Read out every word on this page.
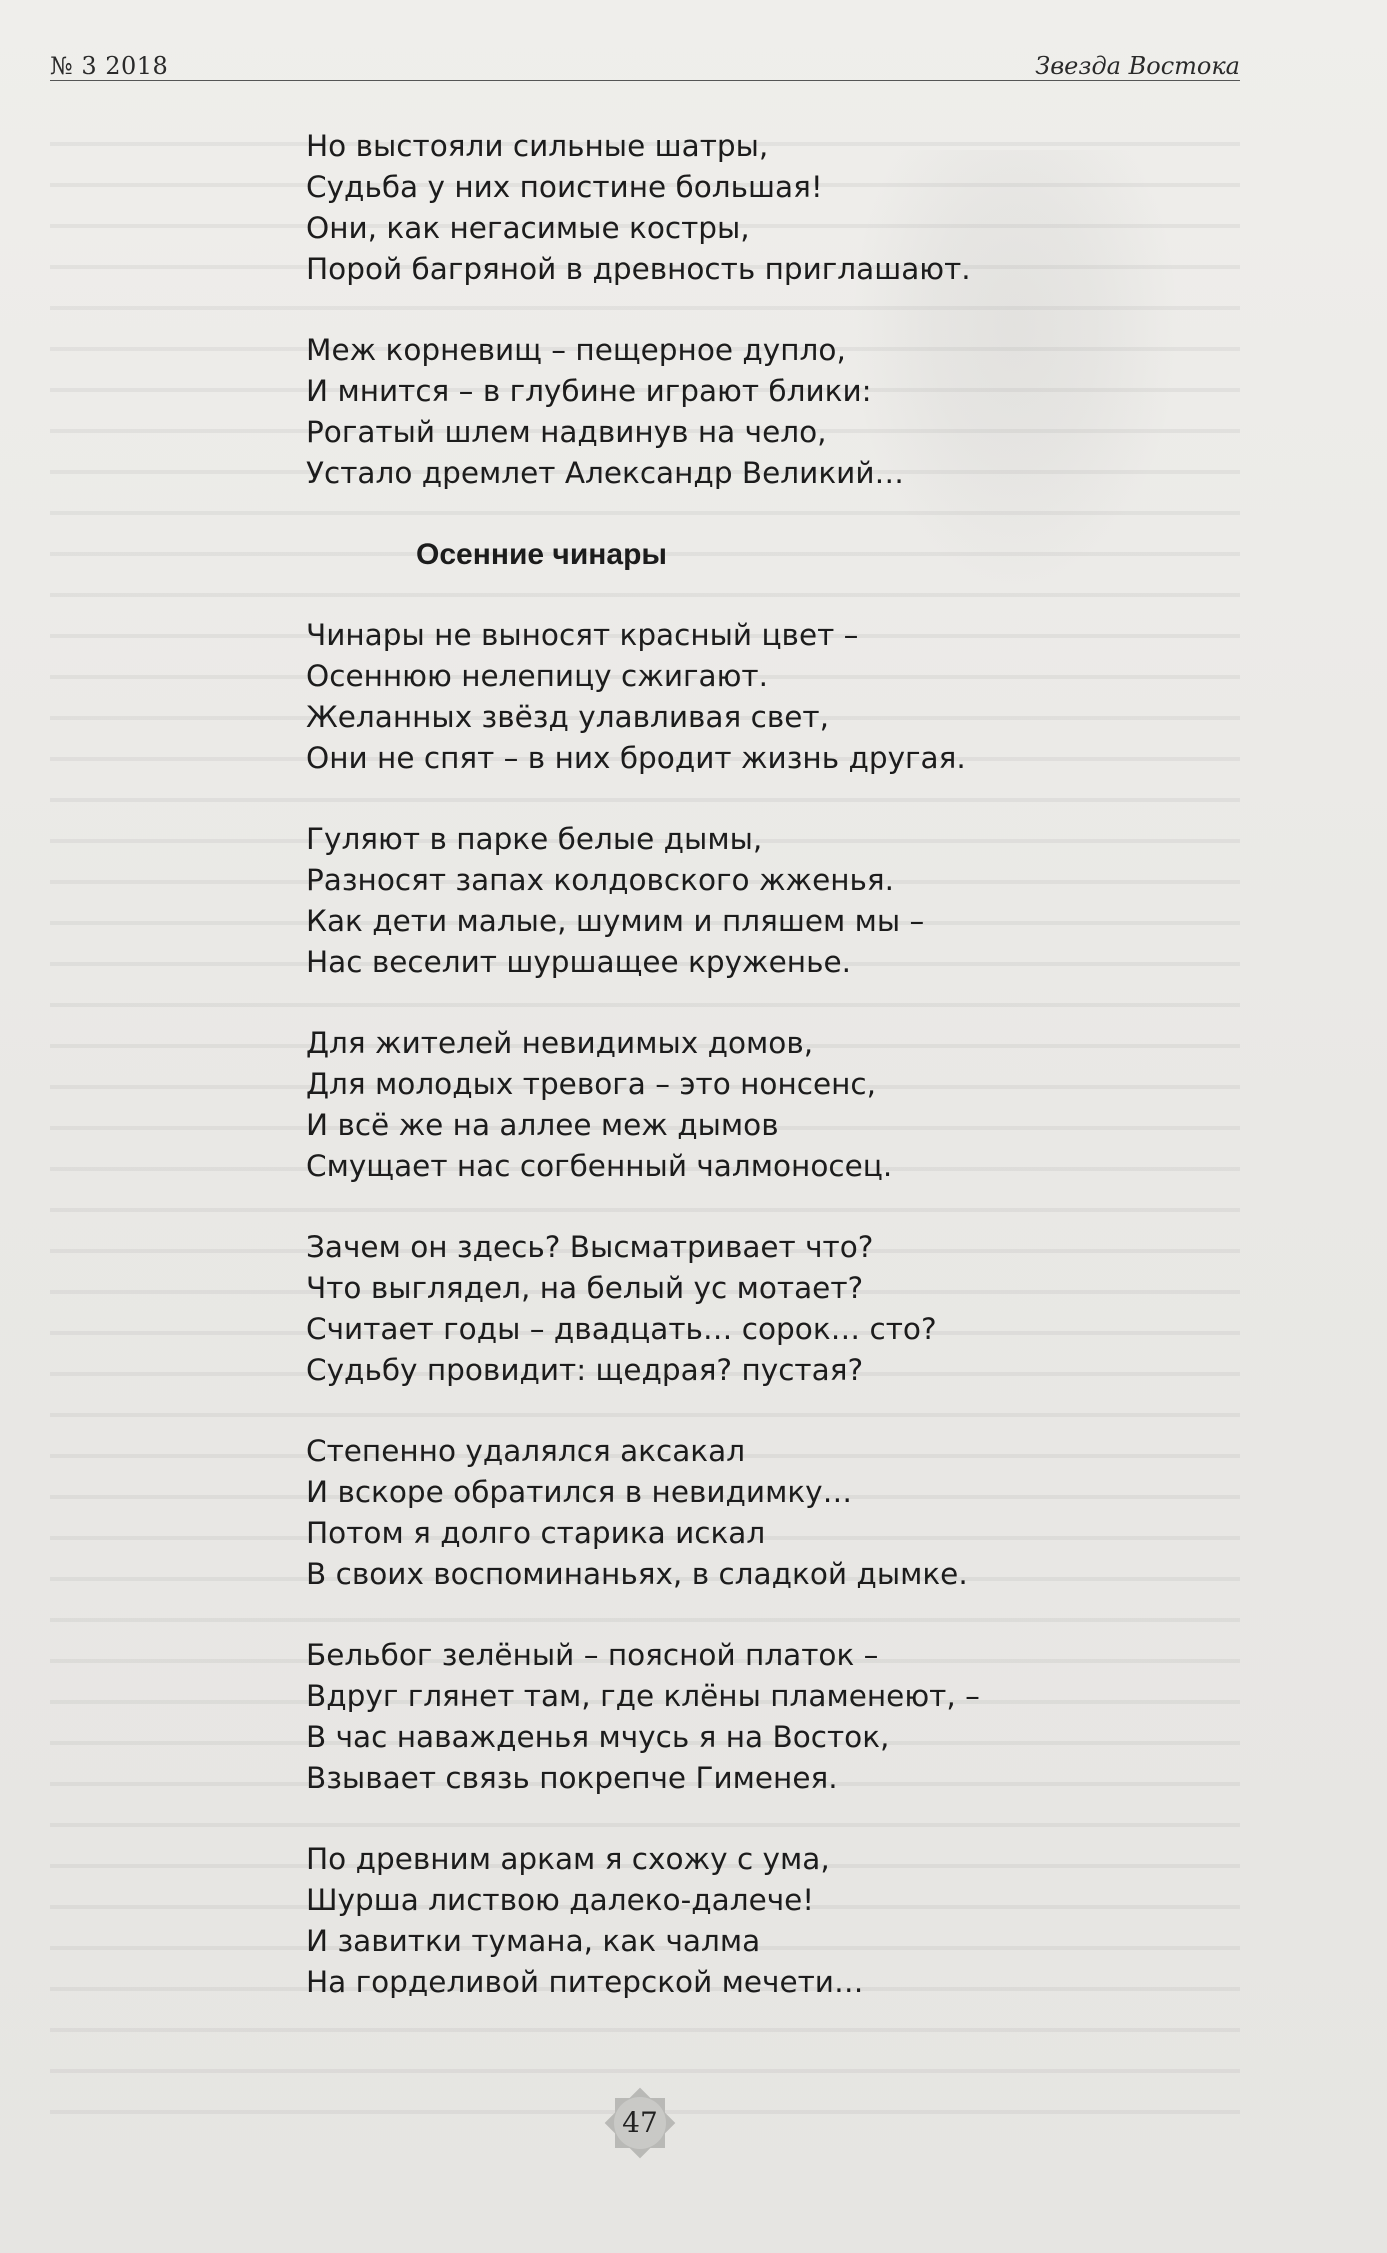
№ 3 2018	Звезда Востока
Но выстояли сильные шатры,
Судьба у них поистине большая!
Они, как негасимые костры,
Порой багряной в древность приглашают.
Меж корневищ – пещерное дупло,
И мнится – в глубине играют блики:
Рогатый шлем надвинув на чело,
Устало дремлет Александр Великий…
Осенние чинары
Чинары не выносят красный цвет –
Осеннюю нелепицу сжигают.
Желанных звёзд улавливая свет,
Они не спят – в них бродит жизнь другая.
Гуляют в парке белые дымы,
Разносят запах колдовского жженья.
Как дети малые, шумим и пляшем мы –
Нас веселит шуршащее круженье.
Для жителей невидимых домов,
Для молодых тревога – это нонсенс,
И всё же на аллее меж дымов
Смущает нас согбенный чалмоносец.
Зачем он здесь? Высматривает что?
Что выглядел, на белый ус мотает?
Считает годы – двадцать… сорок… сто?
Судьбу провидит: щедрая? пустая?
Степенно удалялся аксакал
И вскоре обратился в невидимку…
Потом я долго старика искал
В своих воспоминаньях, в сладкой дымке.
Бельбог зелёный – поясной платок –
Вдруг глянет там, где клёны пламенеют, –
В час наважденья мчусь я на Восток,
Взывает связь покрепче Гименея.
По древним аркам я схожу с ума,
Шурша листвою далеко-далече!
И завитки тумана, как чалма
На горделивой питерской мечети…
47
